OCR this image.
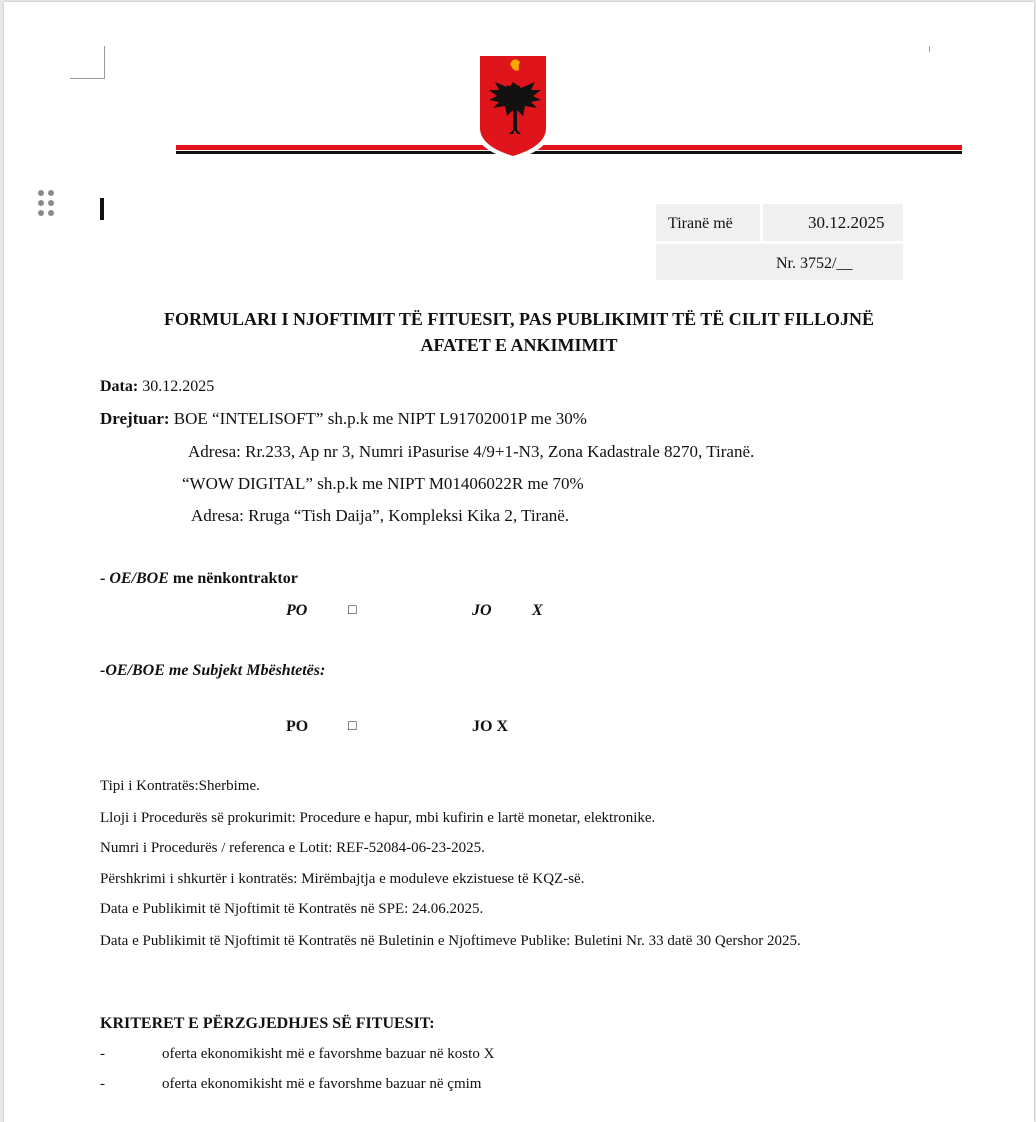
Tiranë më	30.12.2025
Nr. 3752/__
FORMULARI I NJOFTIMIT TË FITUESIT, PAS PUBLIKIMIT TË TË CILIT FILLOJNË
AFATET E ANKIMIMIT
Data: 30.12.2025
Drejtuar: BOE “INTELISOFT” sh.p.k me NIPT L91702001P me 30%
Adresa: Rr.233, Ap nr 3, Numri iPasurise 4/9+1-N3, Zona Kadastrale 8270, Tiranë.
“WOW DIGITAL” sh.p.k me NIPT M01406022R me 70%
Adresa: Rruga “Tish Daija”, Kompleksi Kika 2, Tiranë.
- OE/BOE me nënkontraktor
PO	□	JO	X
-OE/BOE me Subjekt Mbështetës:
PO	□	JO X
Tipi i Kontratës:Sherbime.
Lloji i Procedurës së prokurimit: Procedure e hapur, mbi kufirin e lartë monetar, elektronike.
Numri i Procedurës / referenca e Lotit: REF-52084-06-23-2025.
Përshkrimi i shkurtër i kontratës: Mirëmbajtja e moduleve ekzistuese të KQZ-së.
Data e Publikimit të Njoftimit të Kontratës në SPE: 24.06.2025.
Data e Publikimit të Njoftimit të Kontratës në Buletinin e Njoftimeve Publike: Buletini Nr. 33 datë 30 Qershor 2025.
KRITERET E PËRZGJEDHJES SË FITUESIT:
-	oferta ekonomikisht më e favorshme bazuar në kosto X
-	oferta ekonomikisht më e favorshme bazuar në çmim
